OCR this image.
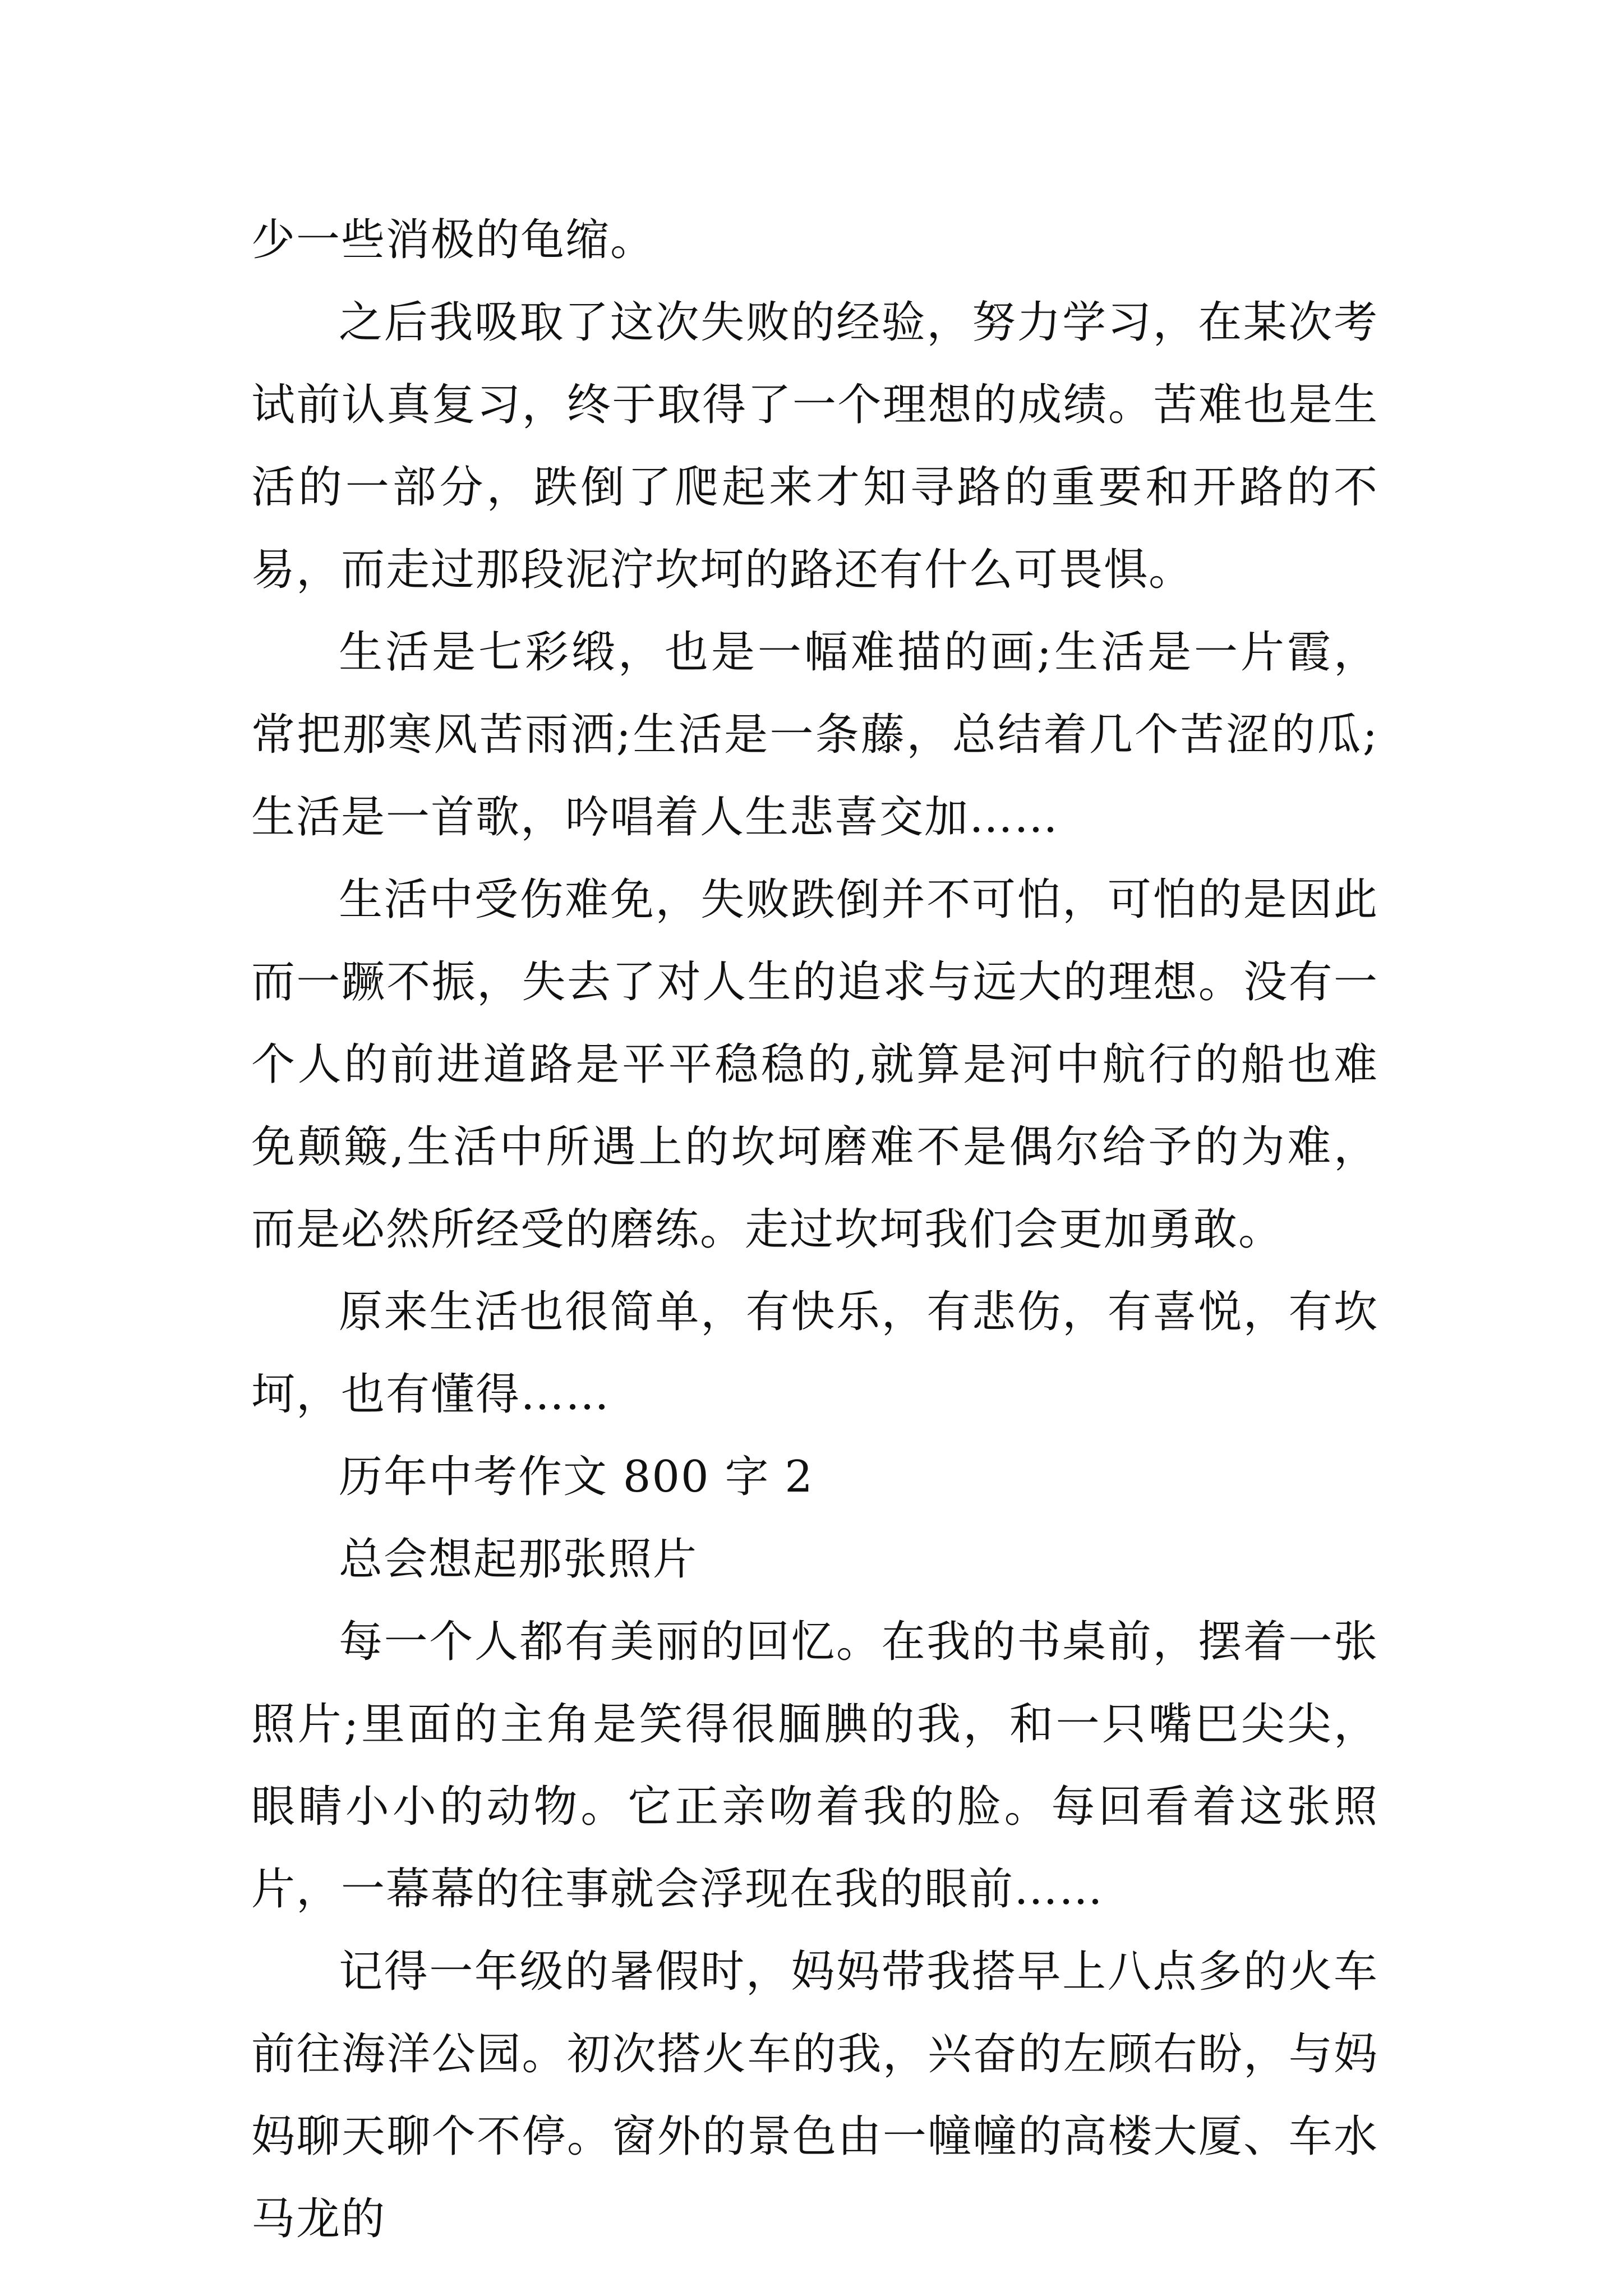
少一些消极的龟缩。

之后我吸取了这次失败的经验，努力学习，在某次考试前认真复习，终于取得了一个理想的成绩。苦难也是生活的一部分，跌倒了爬起来才知寻路的重要和开路的不易，而走过那段泥泞坎坷的路还有什么可畏惧。

生活是七彩缎，也是一幅难描的画;生活是一片霞，常把那寒风苦雨洒;生活是一条藤，总结着几个苦涩的瓜;生活是一首歌，吟唱着人生悲喜交加……

生活中受伤难免，失败跌倒并不可怕，可怕的是因此而一蹶不振，失去了对人生的追求与远大的理想。没有一个人的前进道路是平平稳稳的,就算是河中航行的船也难免颠簸,生活中所遇上的坎坷磨难不是偶尔给予的为难，而是必然所经受的磨练。走过坎坷我们会更加勇敢。

原来生活也很简单，有快乐，有悲伤，有喜悦，有坎坷，也有懂得……

历年中考作文 800 字 2

总会想起那张照片

每一个人都有美丽的回忆。在我的书桌前，摆着一张照片;里面的主角是笑得很腼腆的我，和一只嘴巴尖尖，眼睛小小的动物。它正亲吻着我的脸。每回看着这张照片，一幕幕的往事就会浮现在我的眼前……

记得一年级的暑假时，妈妈带我搭早上八点多的火车前往海洋公园。初次搭火车的我，兴奋的左顾右盼，与妈妈聊天聊个不停。窗外的景色由一幢幢的高楼大厦、车水马龙的
